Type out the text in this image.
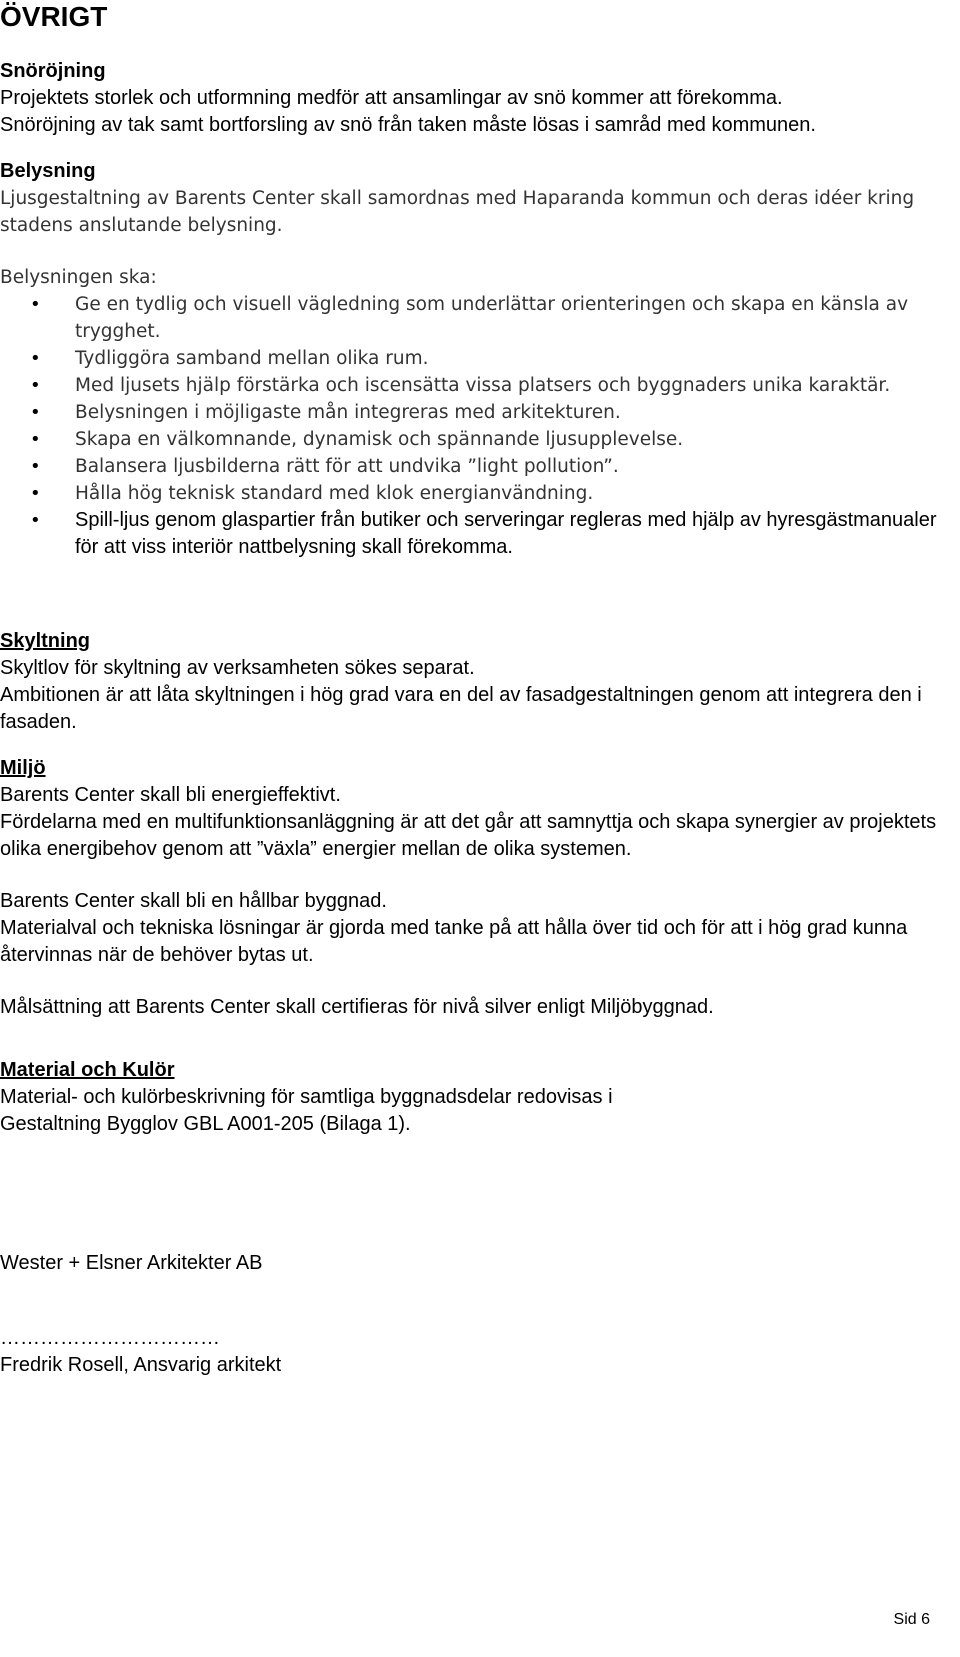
ÖVRIGT
Snöröjning

Projektets storlek och utformning medför att ansamlingar av snö kommer att förekomma.

Snöröjning av tak samt bortforsling av snö från taken måste lösas i samråd med kommunen.

Belysning

Ljusgestaltning av Barents Center skall samordnas med Haparanda kommun och deras idéer kring stadens anslutande belysning.

Belysningen ska:

• Ge en tydlig och visuell vägledning som underlättar orienteringen och skapa en känsla av trygghet.
• Tydliggöra samband mellan olika rum.
• Med ljusets hjälp förstärka och iscensätta vissa platsers och byggnaders unika karaktär.
• Belysningen i möjligaste mån integreras med arkitekturen.
• Skapa en välkomnande, dynamisk och spännande ljusupplevelse.
• Balansera ljusbilderna rätt för att undvika ”light pollution”.
• Hålla hög teknisk standard med klok energianvändning.
• Spill-ljus genom glaspartier från butiker och serveringar regleras med hjälp av hyresgästmanualer för att viss interiör nattbelysning skall förekomma.
Skyltning

Skyltlov för skyltning av verksamheten sökes separat.

Ambitionen är att låta skyltningen i hög grad vara en del av fasadgestaltningen genom att integrera den i fasaden.

Miljö

Barents Center skall bli energieffektivt.

Fördelarna med en multifunktionsanläggning är att det går att samnyttja och skapa synergier av projektets olika energibehov genom att ”växla” energier mellan de olika systemen.

Barents Center skall bli en hållbar byggnad.

Materialval och tekniska lösningar är gjorda med tanke på att hålla över tid och för att i hög grad kunna återvinnas när de behöver bytas ut.

Målsättning att Barents Center skall certifieras för nivå silver enligt Miljöbyggnad.

Material och Kulör

Material- och kulörbeskrivning för samtliga byggnadsdelar redovisas i

Gestaltning Bygglov GBL A001-205 (Bilaga 1).

Wester + Elsner Arkitekter AB
……………………………
Fredrik Rosell, Ansvarig arkitekt
Sid 6
